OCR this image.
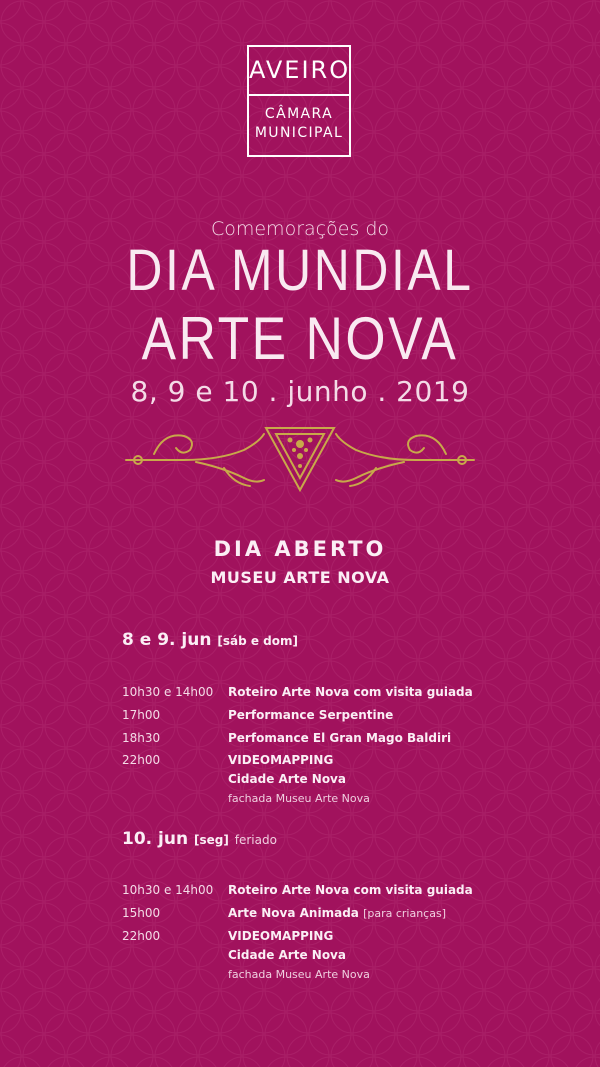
AVEIRO
CÂMARA
MUNICIPAL
Comemorações do
DIA MUNDIAL
ARTE NOVA
8, 9 e 10 . junho . 2019
DIA ABERTO
MUSEU ARTE NOVA
8 e 9. jun [sáb e dom]
10h30 e 14h00	Roteiro Arte Nova com visita guiada
17h00	Performance Serpentine
18h30	Perfomance El Gran Mago Baldiri
22h00	VIDEOMAPPING
Cidade Arte Nova
fachada Museu Arte Nova
10. jun [seg] feriado
10h30 e 14h00	Roteiro Arte Nova com visita guiada
15h00	Arte Nova Animada [para crianças]
22h00	VIDEOMAPPING
Cidade Arte Nova
fachada Museu Arte Nova
